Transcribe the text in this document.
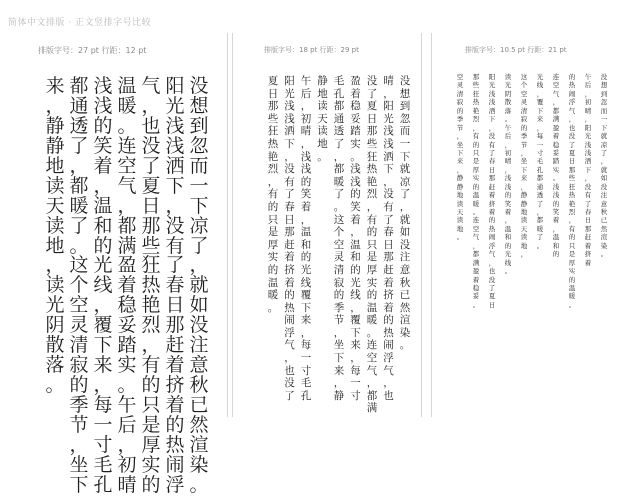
简体中文排版 · 正文竖排字号比较
排版字号：27 pt 行距：12 pt
没
想
到
忽
而
一
下
凉
了
，
就
如
没
注
意
秋
已
然
渲
染
。
阳
光
浅
浅
洒
下
，
没
有
了
春
日
那
赶
着
挤
着
的
热
闹
浮
气
，
也
没
了
夏
日
那
些
狂
热
艳
烈
，
有
的
只
是
厚
实
的
温
暖
。
连
空
气
，
都
满
盈
着
稳
妥
踏
实
。
午
后
，
初
晴
浅
浅
的
笑
着
，
温
和
的
光
线
，
覆
下
来
，
每
一
寸
毛
孔
都
通
透
了
，
都
暖
了
。
这
个
空
灵
清
寂
的
季
节
，
坐
下
来
，
静
静
地
读
天
读
地
，
读
光
阴
散
落
。
排版字号：18 pt 行距：29 pt
没
想
到
忽
而
一
下
就
凉
了
，
就
如
没
注
意
秋
已
然
渲
染
。
晴
，
阳
光
浅
浅
洒
下
，
没
有
了
春
日
那
赶
着
挤
着
的
热
闹
浮
气
，
也
没
了
夏
日
那
些
狂
热
艳
烈
，
有
的
只
是
厚
实
的
温
暖
。
连
空
气
，
都
满
盈
着
稳
妥
踏
实
。
浅
浅
的
笑
着
，
温
和
的
光
线
，
覆
下
来
，
每
一
寸
毛
孔
都
通
透
了
，
都
暖
了
。
这
个
空
灵
清
寂
的
季
节
，
坐
下
来
，
静
静
地
读
天
读
地
。
午
后
，
初
晴
，
浅
浅
的
笑
着
，
温
和
的
光
线
覆
下
来
，
每
一
寸
毛
孔
阳
光
浅
浅
洒
下
，
没
有
了
春
日
那
赶
着
挤
着
的
热
闹
浮
气
，
也
没
了
夏
日
那
些
狂
热
艳
烈
，
有
的
只
是
厚
实
的
温
暖
。
排版字号：10.5 pt 行距：21 pt
没
想
到
忽
而
一
下
就
凉
了
，
就
如
没
注
意
秋
已
然
渲
染
。
午
后
，
初
晴
，
阳
光
浅
浅
洒
下
，
没
有
了
春
日
那
赶
着
挤
着
的
热
闹
浮
气
，
也
没
了
夏
日
那
些
狂
热
艳
烈
，
有
的
只
是
厚
实
的
温
暖
。
连
空
气
，
都
满
盈
着
稳
妥
踏
实
。
浅
浅
的
笑
着
，
温
和
的
光
线
，
覆
下
来
，
每
一
寸
毛
孔
都
通
透
了
，
都
暖
了
。
这
个
空
灵
清
寂
的
季
节
，
坐
下
来
，
静
静
地
读
天
读
地
，
读
光
阴
散
落
。
午
后
，
初
晴
，
浅
浅
的
笑
着
，
温
和
的
光
线
。
阳
光
浅
浅
洒
下
，
没
有
了
春
日
那
赶
着
挤
着
的
热
闹
浮
气
，
也
没
了
夏
日
那
些
狂
热
艳
烈
，
有
的
只
是
厚
实
的
温
暖
。
连
空
气
，
都
满
盈
着
稳
妥
。
空
灵
清
寂
的
季
节
，
坐
下
来
，
静
静
地
读
天
读
地
。
